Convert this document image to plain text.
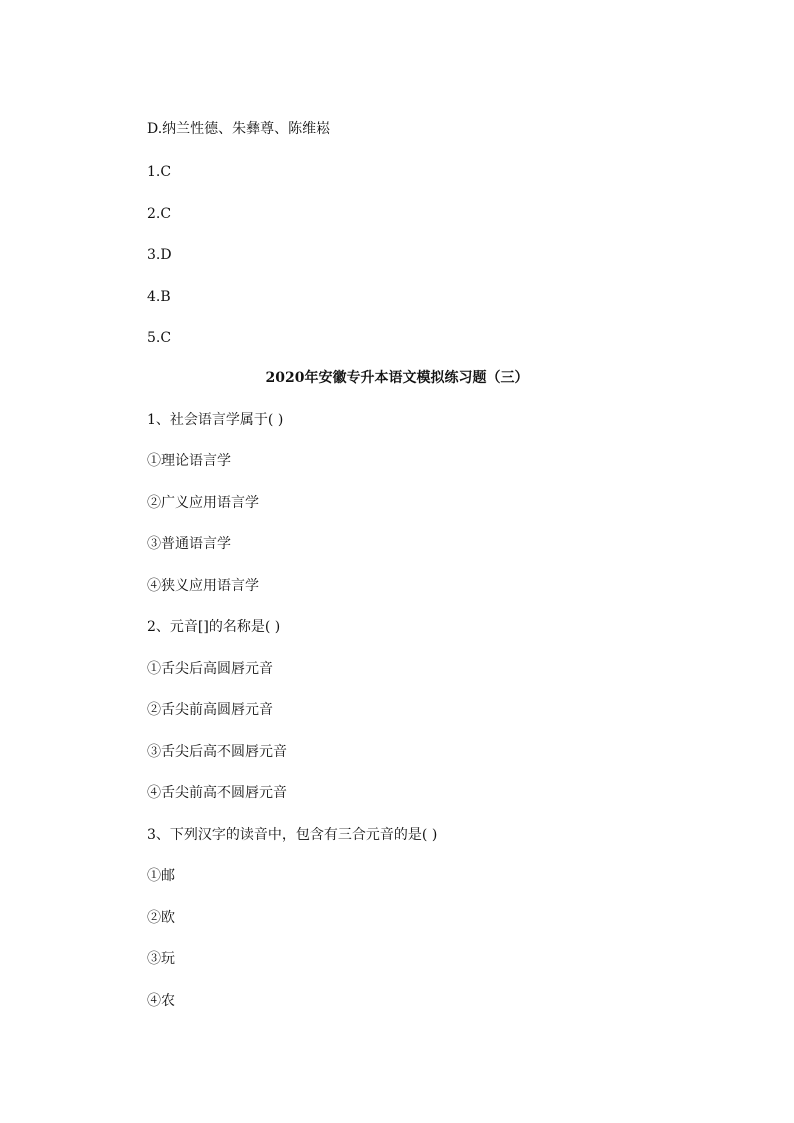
D.纳兰性德、朱彝尊、陈维崧
1.C
2.C
3.D
4.B
5.C
2020年安徽专升本语文模拟练习题（三）
1、社会语言学属于( )
①理论语言学
②广义应用语言学
③普通语言学
④狭义应用语言学
2、元音[]的名称是( )
①舌尖后高圆唇元音
②舌尖前高圆唇元音
③舌尖后高不圆唇元音
④舌尖前高不圆唇元音
3、下列汉字的读音中，包含有三合元音的是( )
①邮
②欧
③玩
④农
